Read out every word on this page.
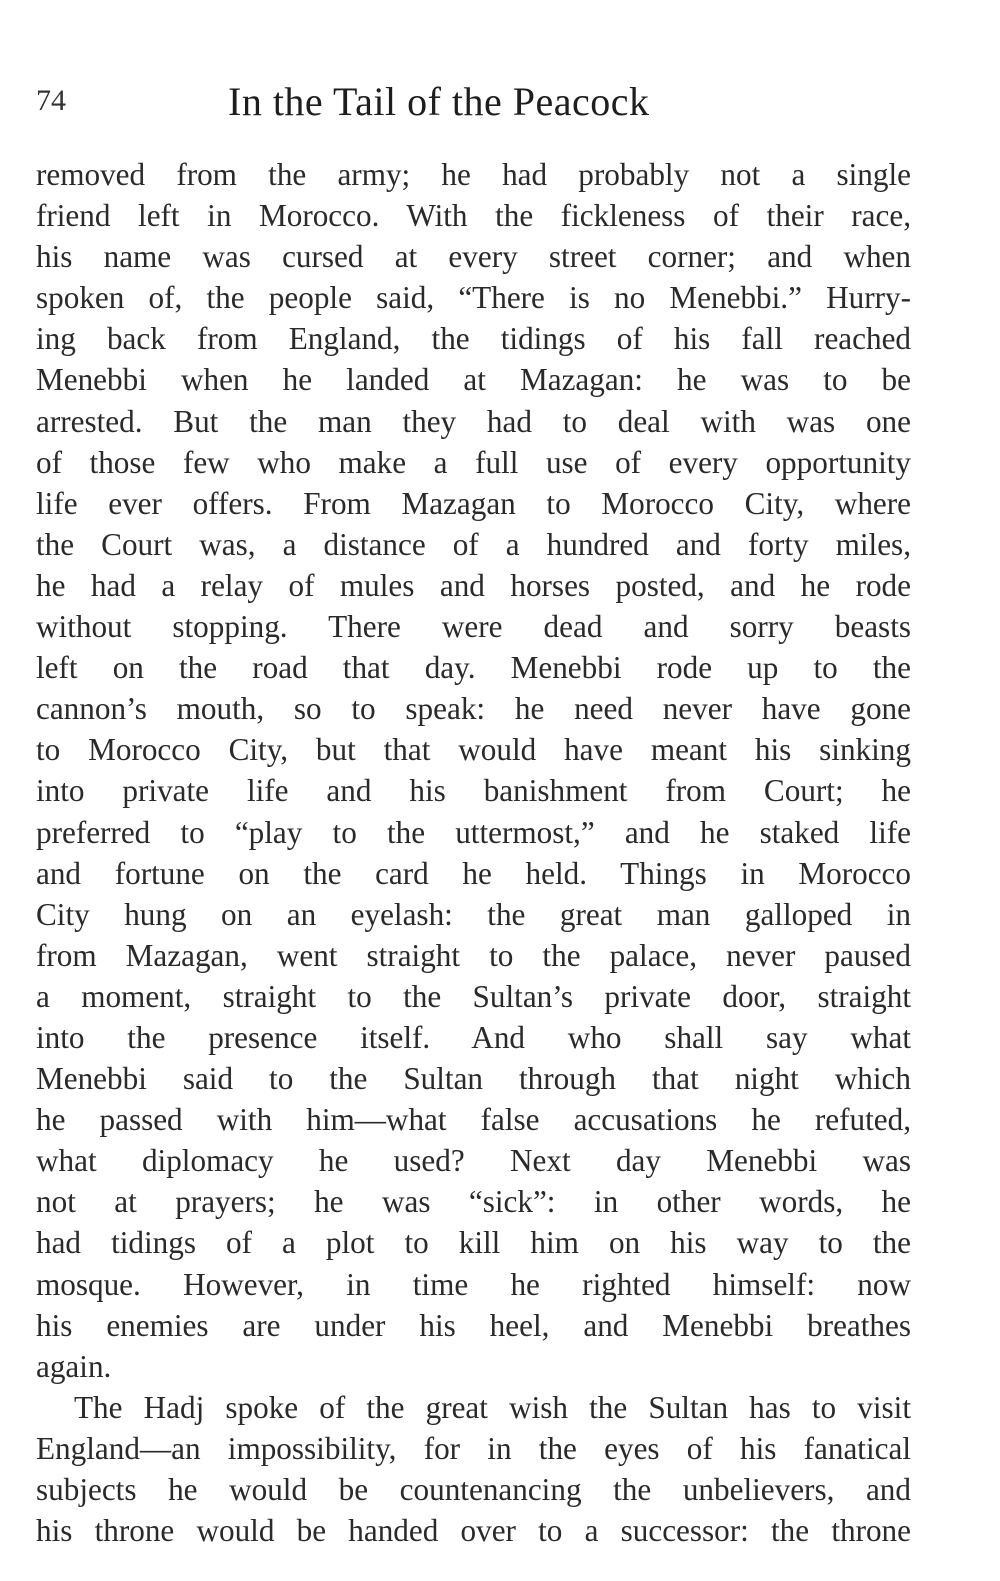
74	In the Tail of the Peacock
removed from the army; he had probably not a single
friend left in Morocco. With the fickleness of their race,
his name was cursed at every street corner; and when
spoken of, the people said, “There is no Menebbi.” Hurry-
ing back from England, the tidings of his fall reached
Menebbi when he landed at Mazagan: he was to be
arrested. But the man they had to deal with was one
of those few who make a full use of every opportunity
life ever offers. From Mazagan to Morocco City, where
the Court was, a distance of a hundred and forty miles,
he had a relay of mules and horses posted, and he rode
without stopping. There were dead and sorry beasts
left on the road that day. Menebbi rode up to the
cannon’s mouth, so to speak: he need never have gone
to Morocco City, but that would have meant his sinking
into private life and his banishment from Court; he
preferred to “play to the uttermost,” and he staked life
and fortune on the card he held. Things in Morocco
City hung on an eyelash: the great man galloped in
from Mazagan, went straight to the palace, never paused
a moment, straight to the Sultan’s private door, straight
into the presence itself. And who shall say what
Menebbi said to the Sultan through that night which
he passed with him—what false accusations he refuted,
what diplomacy he used? Next day Menebbi was
not at prayers; he was “sick”: in other words, he
had tidings of a plot to kill him on his way to the
mosque. However, in time he righted himself: now
his enemies are under his heel, and Menebbi breathes
again.
The Hadj spoke of the great wish the Sultan has to visit
England—an impossibility, for in the eyes of his fanatical
subjects he would be countenancing the unbelievers, and
his throne would be handed over to a successor: the throne
